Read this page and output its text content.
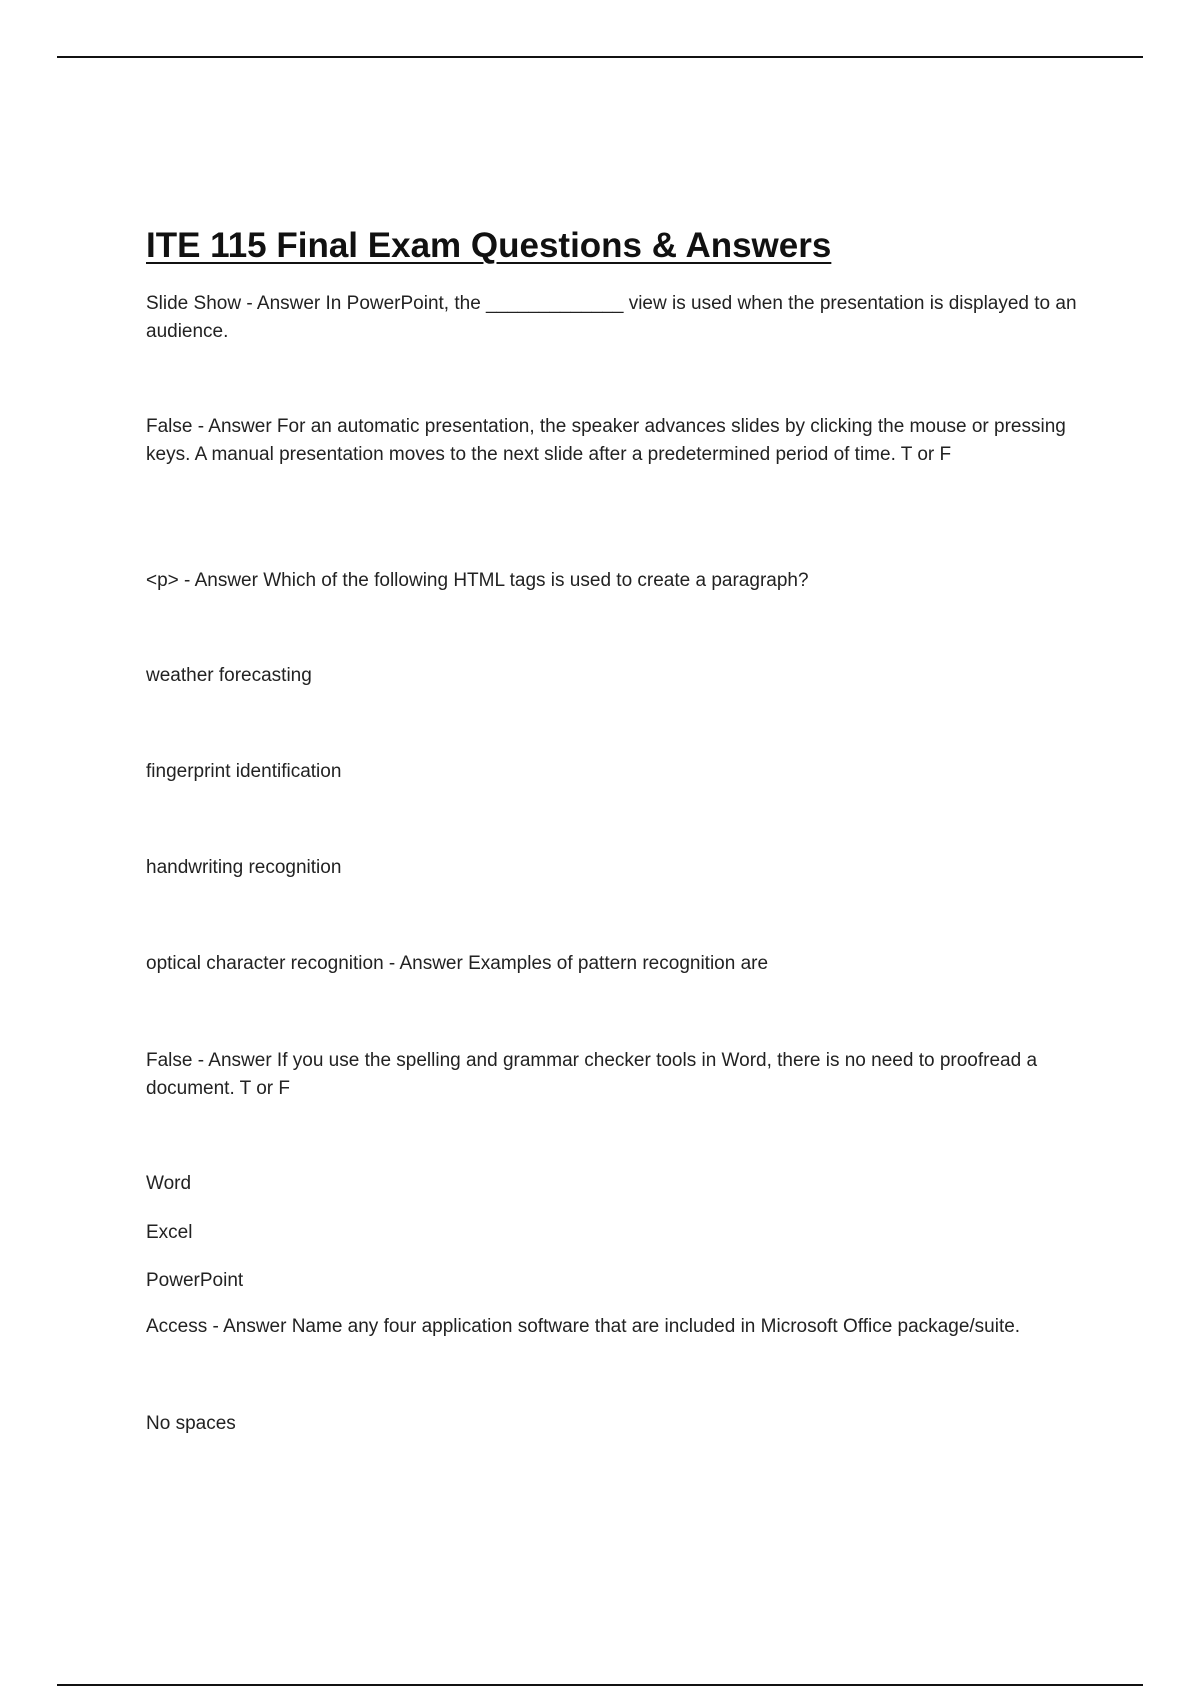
ITE 115 Final Exam Questions & Answers

Slide Show - Answer In PowerPoint, the _____________ view is used when the presentation is displayed to an audience.

False - Answer For an automatic presentation, the speaker advances slides by clicking the mouse or pressing keys. A manual presentation moves to the next slide after a predetermined period of time. T or F

<p> - Answer Which of the following HTML tags is used to create a paragraph?

weather forecasting

fingerprint identification

handwriting recognition

optical character recognition - Answer Examples of pattern recognition are

False - Answer If you use the spelling and grammar checker tools in Word, there is no need to proofread a document. T or F

Word

Excel

PowerPoint

Access - Answer Name any four application software that are included in Microsoft Office package/suite.

No spaces
